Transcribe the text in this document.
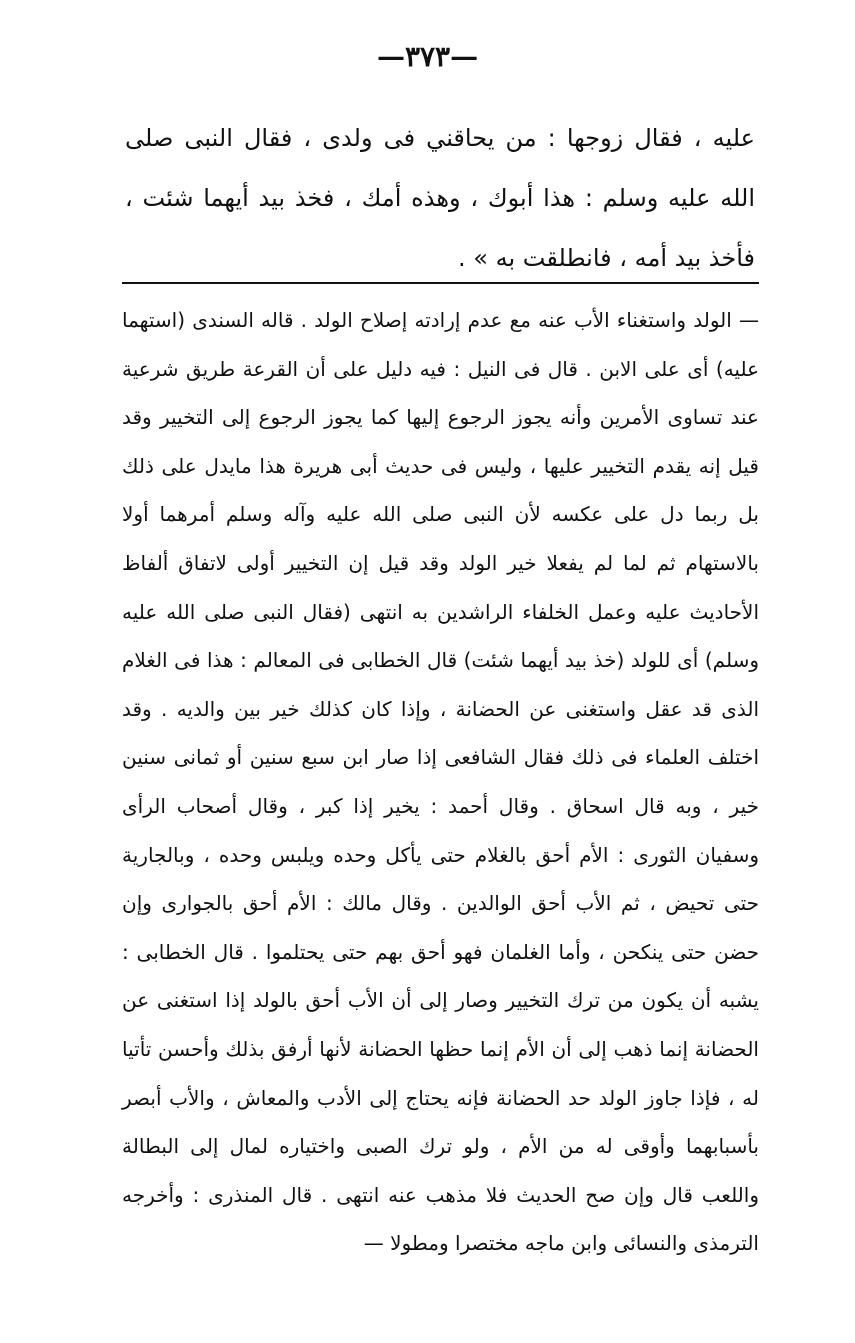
—٣٧٣—

عليه ، فقال زوجها : من يحاقني فى ولدى ، فقال النبى صلى الله عليه وسلم : هذا أبوك ، وهذه أمك ، فخذ بيد أيهما شئت ، فأخذ بيد أمه ، فانطلقت به » .

— الولد واستغناء الأب عنه مع عدم إرادته إصلاح الولد . قاله السندى (استهما عليه) أى على الابن . قال فى النيل : فيه دليل على أن القرعة طريق شرعية عند تساوى الأمرين وأنه يجوز الرجوع إليها كما يجوز الرجوع إلى التخيير وقد قيل إنه يقدم التخيير عليها ، وليس فى حديث أبى هريرة هذا مايدل على ذلك بل ربما دل على عكسه لأن النبى صلى الله عليه وآله وسلم أمرهما أولا بالاستهام ثم لما لم يفعلا خير الولد وقد قيل إن التخيير أولى لاتفاق ألفاظ الأحاديث عليه وعمل الخلفاء الراشدين به انتهى (فقال النبى صلى الله عليه وسلم) أى للولد (خذ بيد أيهما شئت) قال الخطابى فى المعالم : هذا فى الغلام الذى قد عقل واستغنى عن الحضانة ، وإذا كان كذلك خير بين والديه . وقد اختلف العلماء فى ذلك فقال الشافعى إذا صار ابن سبع سنين أو ثمانى سنين خير ، وبه قال اسحاق . وقال أحمد : يخير إذا كبر ، وقال أصحاب الرأى وسفيان الثورى : الأم أحق بالغلام حتى يأكل وحده ويلبس وحده ، وبالجارية حتى تحيض ، ثم الأب أحق الوالدين . وقال مالك : الأم أحق بالجوارى وإن حضن حتى ينكحن ، وأما الغلمان فهو أحق بهم حتى يحتلموا . قال الخطابى : يشبه أن يكون من ترك التخيير وصار إلى أن الأب أحق بالولد إذا استغنى عن الحضانة إنما ذهب إلى أن الأم إنما حظها الحضانة لأنها أرفق بذلك وأحسن تأتيا له ، فإذا جاوز الولد حد الحضانة فإنه يحتاج إلى الأدب والمعاش ، والأب أبصر بأسبابهما وأوقى له من الأم ، ولو ترك الصبى واختياره لمال إلى البطالة واللعب قال وإن صح الحديث فلا مذهب عنه انتهى . قال المنذرى : وأخرجه الترمذى والنسائى وابن ماجه مختصرا ومطولا —
